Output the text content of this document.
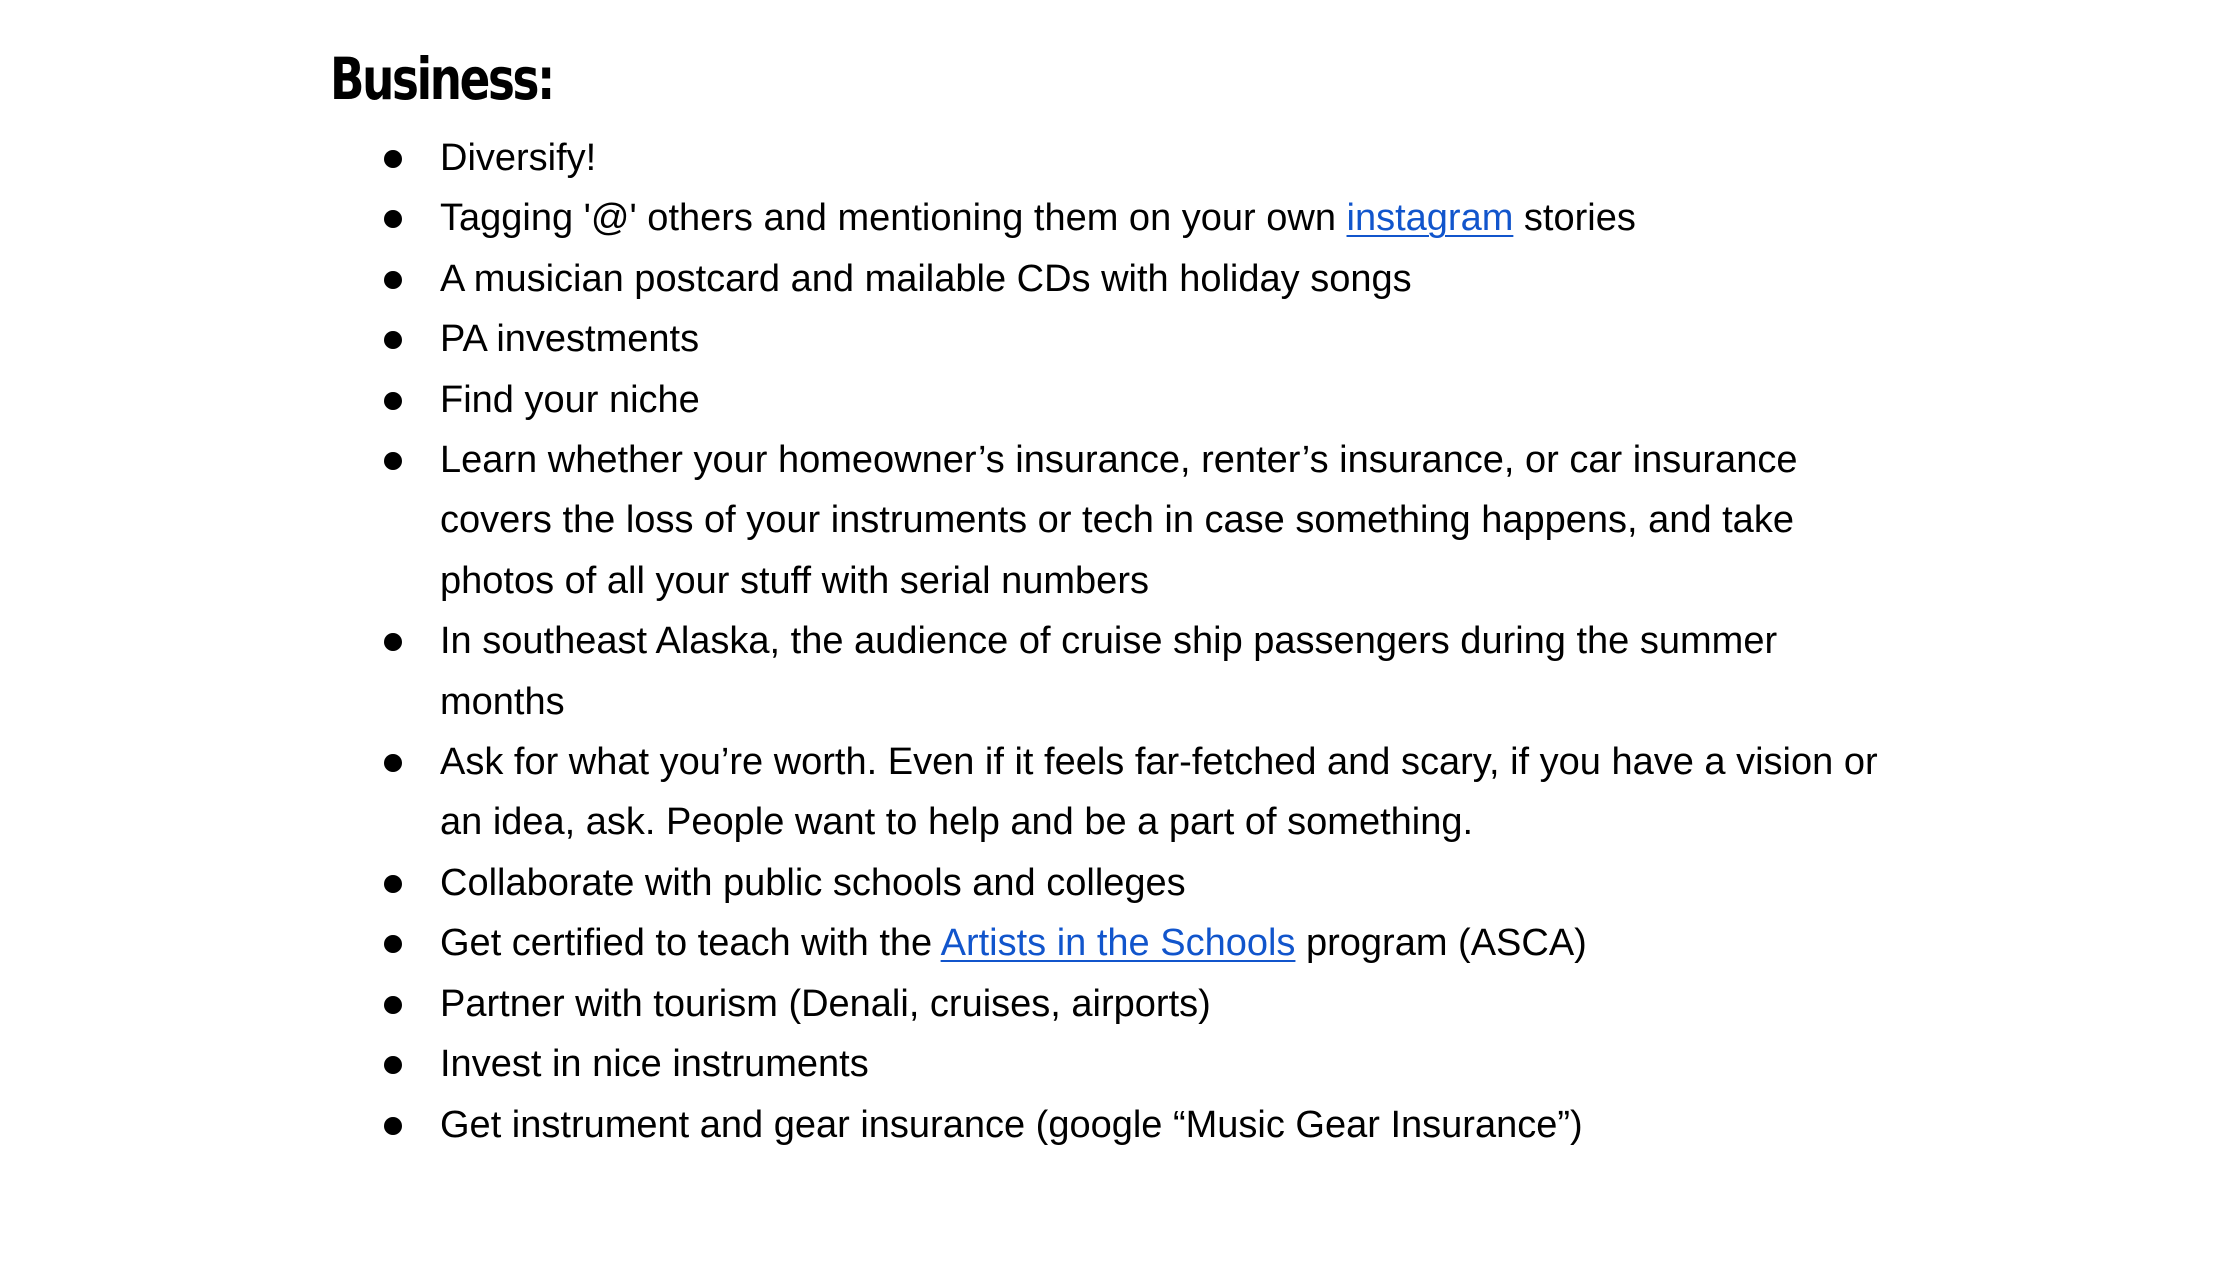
Business:
Diversify!
Tagging '@' others and mentioning them on your own instagram stories
A musician postcard and mailable CDs with holiday songs
PA investments
Find your niche
Learn whether your homeowner’s insurance, renter’s insurance, or car insurance covers the loss of your instruments or tech in case something happens, and take photos of all your stuff with serial numbers
In southeast Alaska, the audience of cruise ship passengers during the summer months
Ask for what you’re worth. Even if it feels far-fetched and scary, if you have a vision or an idea, ask. People want to help and be a part of something.
Collaborate with public schools and colleges
Get certified to teach with the Artists in the Schools program (ASCA)
Partner with tourism (Denali, cruises, airports)
Invest in nice instruments
Get instrument and gear insurance (google “Music Gear Insurance”)
